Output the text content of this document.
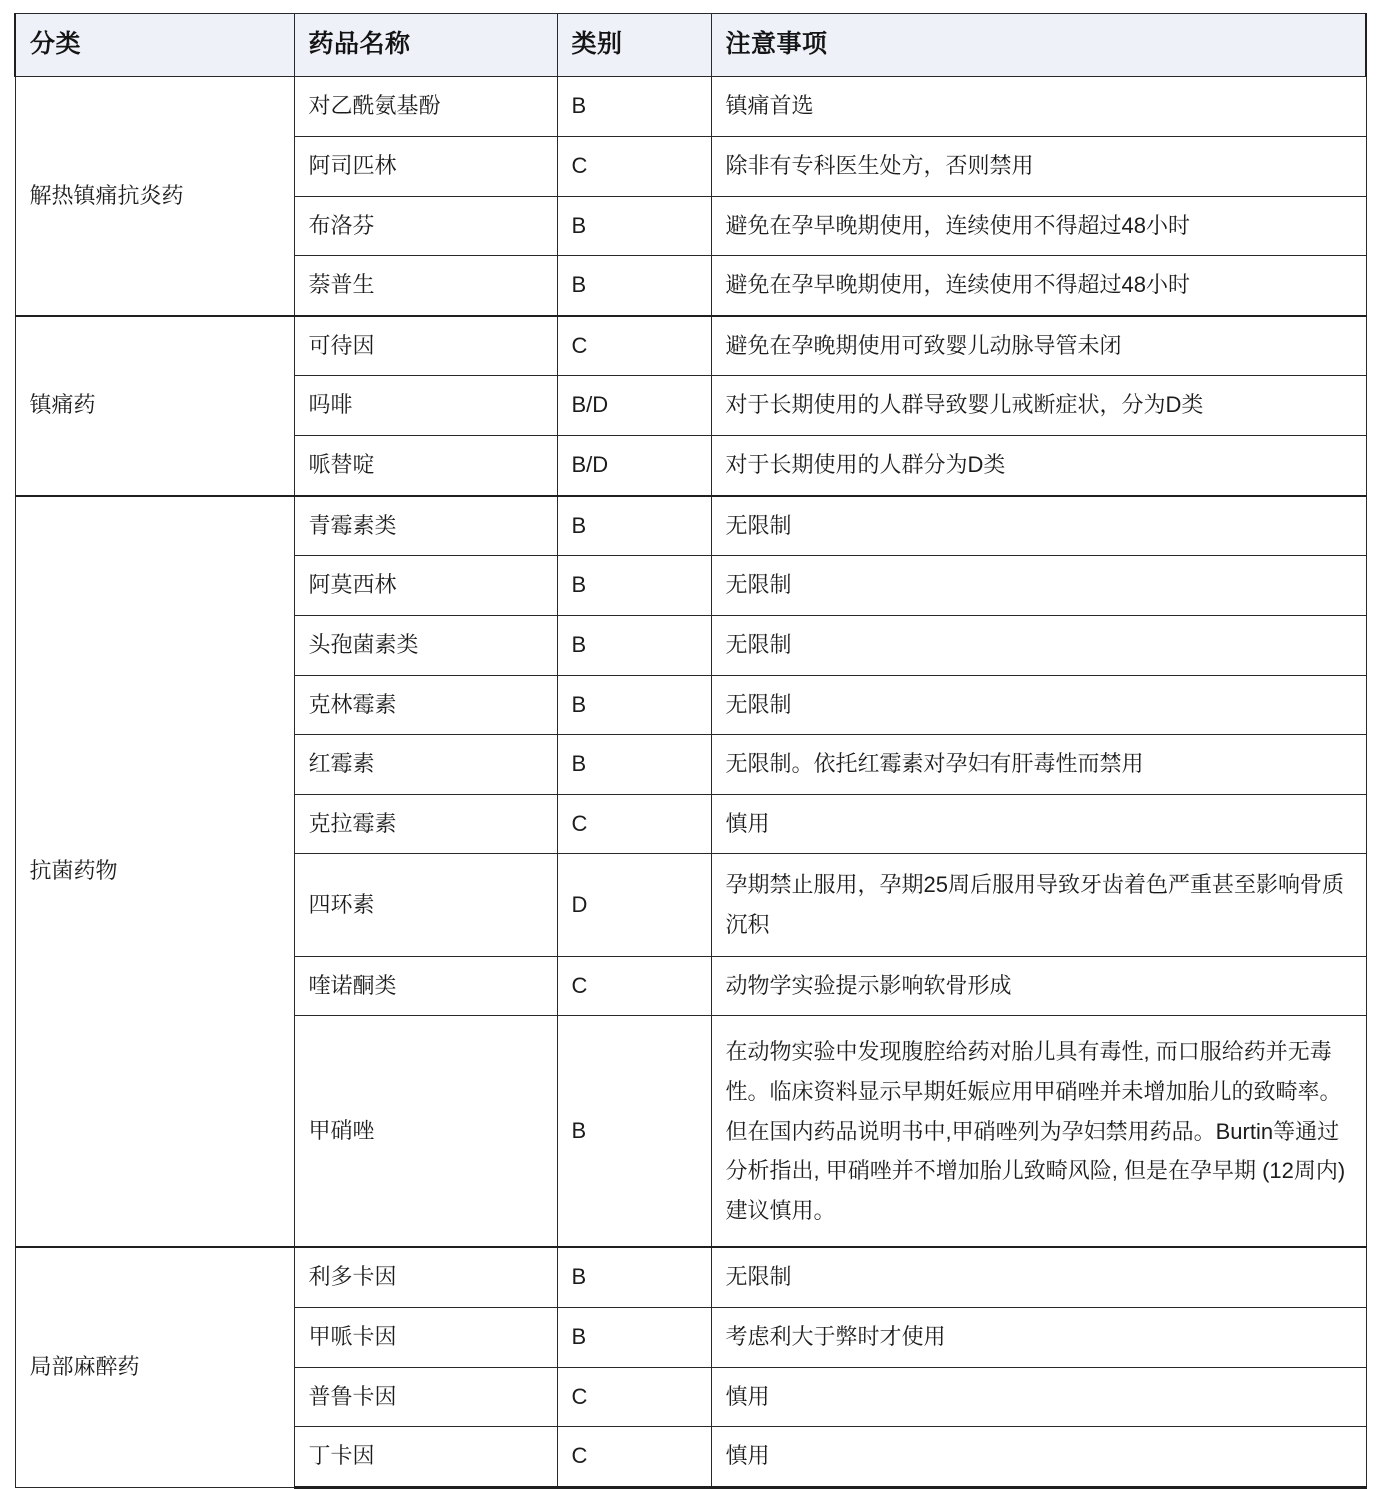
分类	药品名称	类别	注意事项
解热镇痛抗炎药	对乙酰氨基酚	B	镇痛首选
	阿司匹林	C	除非有专科医生处方，否则禁用
	布洛芬	B	避免在孕早晚期使用，连续使用不得超过48小时
	萘普生	B	避免在孕早晚期使用，连续使用不得超过48小时
镇痛药	可待因	C	避免在孕晚期使用可致婴儿动脉导管未闭
	吗啡	B/D	对于长期使用的人群导致婴儿戒断症状，分为D类
	哌替啶	B/D	对于长期使用的人群分为D类
抗菌药物	青霉素类	B	无限制
	阿莫西林	B	无限制
	头孢菌素类	B	无限制
	克林霉素	B	无限制
	红霉素	B	无限制。依托红霉素对孕妇有肝毒性而禁用
	克拉霉素	C	慎用
	四环素	D	孕期禁止服用，孕期25周后服用导致牙齿着色严重甚至影响骨质沉积
	喹诺酮类	C	动物学实验提示影响软骨形成
	甲硝唑	B	在动物实验中发现腹腔给药对胎儿具有毒性, 而口服给药并无毒性。临床资料显示早期妊娠应用甲硝唑并未增加胎儿的致畸率。但在国内药品说明书中,甲硝唑列为孕妇禁用药品。Burtin等通过分析指出, 甲硝唑并不增加胎儿致畸风险, 但是在孕早期 (12周内) 建议慎用。
局部麻醉药	利多卡因	B	无限制
	甲哌卡因	B	考虑利大于弊时才使用
	普鲁卡因	C	慎用
	丁卡因	C	慎用
